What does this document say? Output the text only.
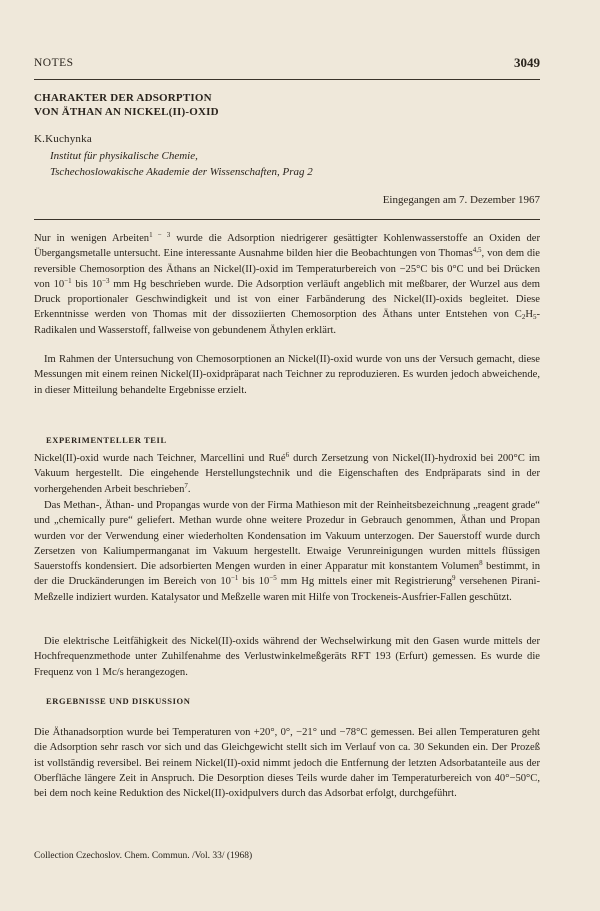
NOTES	3049
CHARAKTER DER ADSORPTION
VON ÄTHAN AN NICKEL(II)-OXID
K.Kuchynka
Institut für physikalische Chemie,
Tschechoslowakische Akademie der Wissenschaften, Prag 2
Eingegangen am 7. Dezember 1967
Nur in wenigen Arbeiten$^{1 - 3}$ wurde die Adsorption niedrigerer gesättigter Kohlenwasserstoffe an Oxiden der Übergangsmetalle untersucht. Eine interessante Ausnahme bilden hier die Beobachtungen von Thomas$^{4,5}$, von dem die reversible Chemosorption des Äthans an Nickel(II)-oxid im Temperaturbereich von −25°C bis 0°C und bei Drücken von $10^{-1}$ bis $10^{-3}$ mm Hg beschrieben wurde. Die Adsorption verläuft angeblich mit meßbarer, der Wurzel aus dem Druck proportionaler Geschwindigkeit und ist von einer Farbänderung des Nickel(II)-oxids begleitet. Diese Erkenntnisse werden von Thomas mit der dissoziierten Chemosorption des Äthans unter Entstehen von $C_2H_5$-Radikalen und Wasserstoff, fallweise von gebundenem Äthylen erklärt.
Im Rahmen der Untersuchung von Chemosorptionen an Nickel(II)-oxid wurde von uns der Versuch gemacht, diese Messungen mit einem reinen Nickel(II)-oxidpräparat nach Teichner zu reproduzieren. Es wurden jedoch abweichende, in dieser Mitteilung behandelte Ergebnisse erzielt.
EXPERIMENTELLER TEIL
Nickel(II)-oxid wurde nach Teichner, Marcellini und Rué$^6$ durch Zersetzung von Nickel(II)-hydroxid bei 200°C im Vakuum hergestellt. Die eingehende Herstellungstechnik und die Eigenschaften des Endpräparats sind in der vorhergehenden Arbeit beschrieben$^7$.
Das Methan-, Äthan- und Propangas wurde von der Firma Mathieson mit der Reinheitsbezeichnung „reagent grade“ und „chemically pure“ geliefert. Methan wurde ohne weitere Prozedur in Gebrauch genommen, Äthan und Propan wurden vor der Verwendung einer wiederholten Kondensation im Vakuum unterzogen. Der Sauerstoff wurde durch Zersetzen von Kaliumpermanganat im Vakuum hergestellt. Etwaige Verunreinigungen wurden mittels flüssigen Sauerstoffs kondensiert. Die adsorbierten Mengen wurden in einer Apparatur mit konstantem Volumen$^8$ bestimmt, in der die Druckänderungen im Bereich von $10^{-1}$ bis $10^{-5}$ mm Hg mittels einer mit Registrierung$^9$ versehenen Pirani-Meßzelle indiziert wurden. Katalysator und Meßzelle waren mit Hilfe von Trockeneis-Ausfrier-Fallen geschützt.
Die elektrische Leitfähigkeit des Nickel(II)-oxids während der Wechselwirkung mit den Gasen wurde mittels der Hochfrequenzmethode unter Zuhilfenahme des Verlustwinkelmeßgeräts RFT 193 (Erfurt) gemessen. Es wurde die Frequenz von 1 Mc/s herangezogen.
ERGEBNISSE UND DISKUSSION
Die Äthanadsorption wurde bei Temperaturen von +20°, 0°, −21° und −78°C gemessen. Bei allen Temperaturen geht die Adsorption sehr rasch vor sich und das Gleichgewicht stellt sich im Verlauf von ca. 30 Sekunden ein. Der Prozeß ist vollständig reversibel. Bei reinem Nickel(II)-oxid nimmt jedoch die Entfernung der letzten Adsorbatanteile aus der Oberfläche längere Zeit in Anspruch. Die Desorption dieses Teils wurde daher im Temperaturbereich von 40°−50°C, bei dem noch keine Reduktion des Nickel(II)-oxidpulvers durch das Adsorbat erfolgt, durchgeführt.
Collection Czechoslov. Chem. Commun. /Vol. 33/ (1968)
